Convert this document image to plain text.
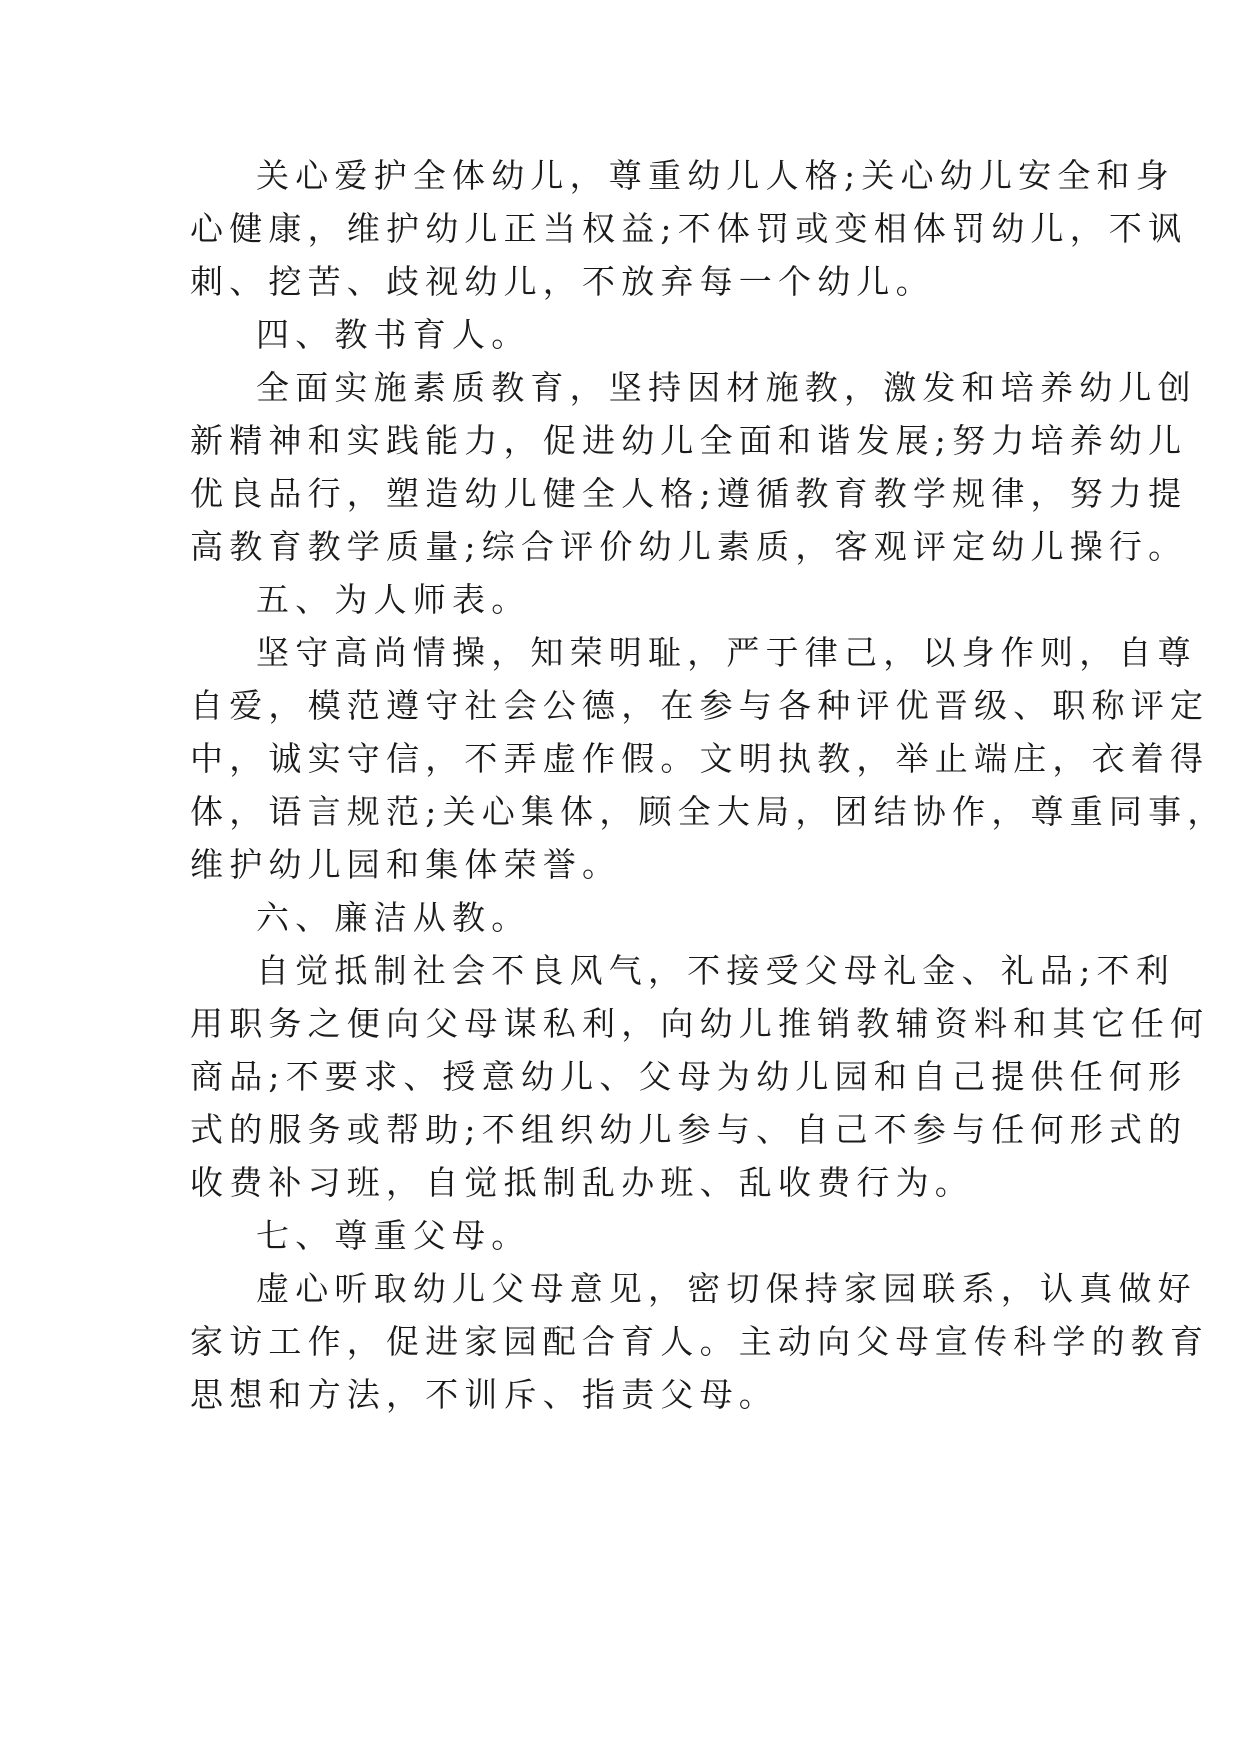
关心爱护全体幼儿，尊重幼儿人格;关心幼儿安全和身
心健康，维护幼儿正当权益;不体罚或变相体罚幼儿，不讽
刺、挖苦、歧视幼儿，不放弃每一个幼儿。
四、教书育人。
全面实施素质教育，坚持因材施教，激发和培养幼儿创
新精神和实践能力，促进幼儿全面和谐发展;努力培养幼儿
优良品行，塑造幼儿健全人格;遵循教育教学规律，努力提
高教育教学质量;综合评价幼儿素质，客观评定幼儿操行。
五、为人师表。
坚守高尚情操，知荣明耻，严于律己，以身作则，自尊
自爱，模范遵守社会公德，在参与各种评优晋级、职称评定
中，诚实守信，不弄虚作假。文明执教，举止端庄，衣着得
体，语言规范;关心集体，顾全大局，团结协作，尊重同事，
维护幼儿园和集体荣誉。
六、廉洁从教。
自觉抵制社会不良风气，不接受父母礼金、礼品;不利
用职务之便向父母谋私利，向幼儿推销教辅资料和其它任何
商品;不要求、授意幼儿、父母为幼儿园和自己提供任何形
式的服务或帮助;不组织幼儿参与、自己不参与任何形式的
收费补习班，自觉抵制乱办班、乱收费行为。
七、尊重父母。
虚心听取幼儿父母意见，密切保持家园联系，认真做好
家访工作，促进家园配合育人。主动向父母宣传科学的教育
思想和方法，不训斥、指责父母。
